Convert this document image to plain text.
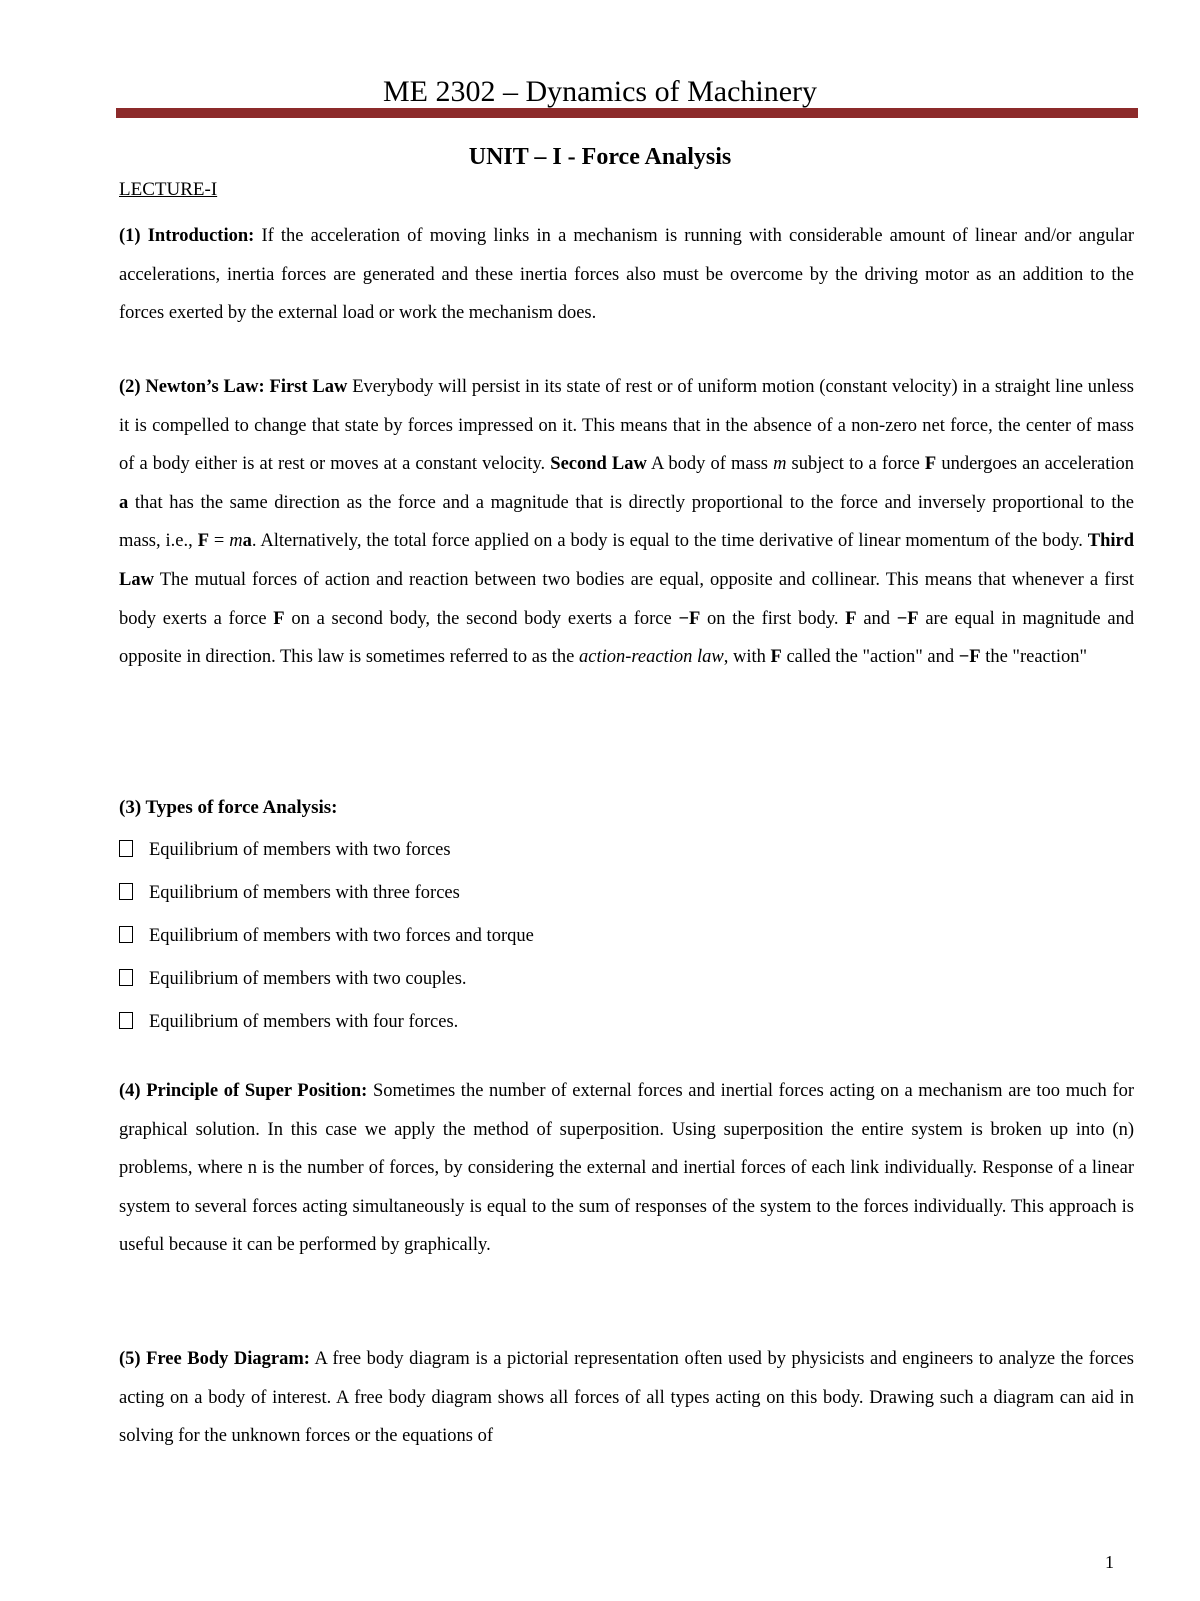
ME 2302 – Dynamics of Machinery
UNIT – I - Force Analysis
LECTURE-I

(1) Introduction: If the acceleration of moving links in a mechanism is running with considerable amount of linear and/or angular accelerations, inertia forces are generated and these inertia forces also must be overcome by the driving motor as an addition to the forces exerted by the external load or work the mechanism does.

(2) Newton’s Law: First Law Everybody will persist in its state of rest or of uniform motion (constant velocity) in a straight line unless it is compelled to change that state by forces impressed on it. This means that in the absence of a non-zero net force, the center of mass of a body either is at rest or moves at a constant velocity. Second Law A body of mass m subject to a force F undergoes an acceleration a that has the same direction as the force and a magnitude that is directly proportional to the force and inversely proportional to the mass, i.e., F = ma. Alternatively, the total force applied on a body is equal to the time derivative of linear momentum of the body. Third Law The mutual forces of action and reaction between two bodies are equal, opposite and collinear. This means that whenever a first body exerts a force F on a second body, the second body exerts a force −F on the first body. F and −F are equal in magnitude and opposite in direction. This law is sometimes referred to as the action-reaction law, with F called the "action" and −F the "reaction"

(3) Types of force Analysis:
Equilibrium of members with two forces
Equilibrium of members with three forces
Equilibrium of members with two forces and torque
Equilibrium of members with two couples.
Equilibrium of members with four forces.

(4) Principle of Super Position: Sometimes the number of external forces and inertial forces acting on a mechanism are too much for graphical solution. In this case we apply the method of superposition. Using superposition the entire system is broken up into (n) problems, where n is the number of forces, by considering the external and inertial forces of each link individually. Response of a linear system to several forces acting simultaneously is equal to the sum of responses of the system to the forces individually. This approach is useful because it can be performed by graphically.

(5) Free Body Diagram: A free body diagram is a pictorial representation often used by physicists and engineers to analyze the forces acting on a body of interest. A free body diagram shows all forces of all types acting on this body. Drawing such a diagram can aid in solving for the unknown forces or the equations of

1
